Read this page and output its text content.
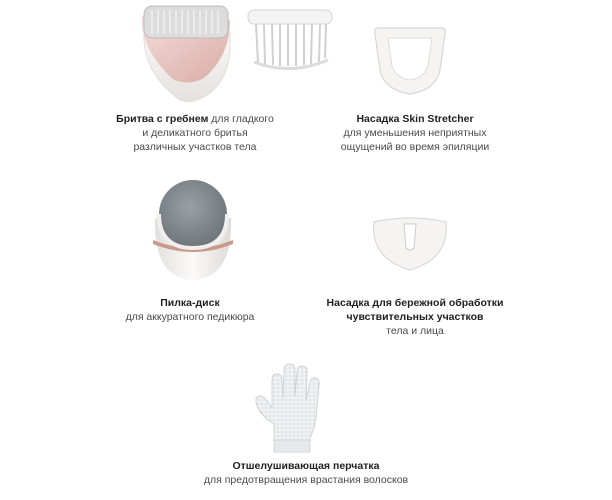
Бритва с гребнем для гладкого
и деликатного бритья
различных участков тела
Насадка Skin Stretcher
для уменьшения неприятных
ощущений во время эпиляции
Пилка-диск
для аккуратного педикюра
Насадка для бережной обработки
чувствительных участков
тела и лица
Отшелушивающая перчатка
для предотвращения врастания волосков
